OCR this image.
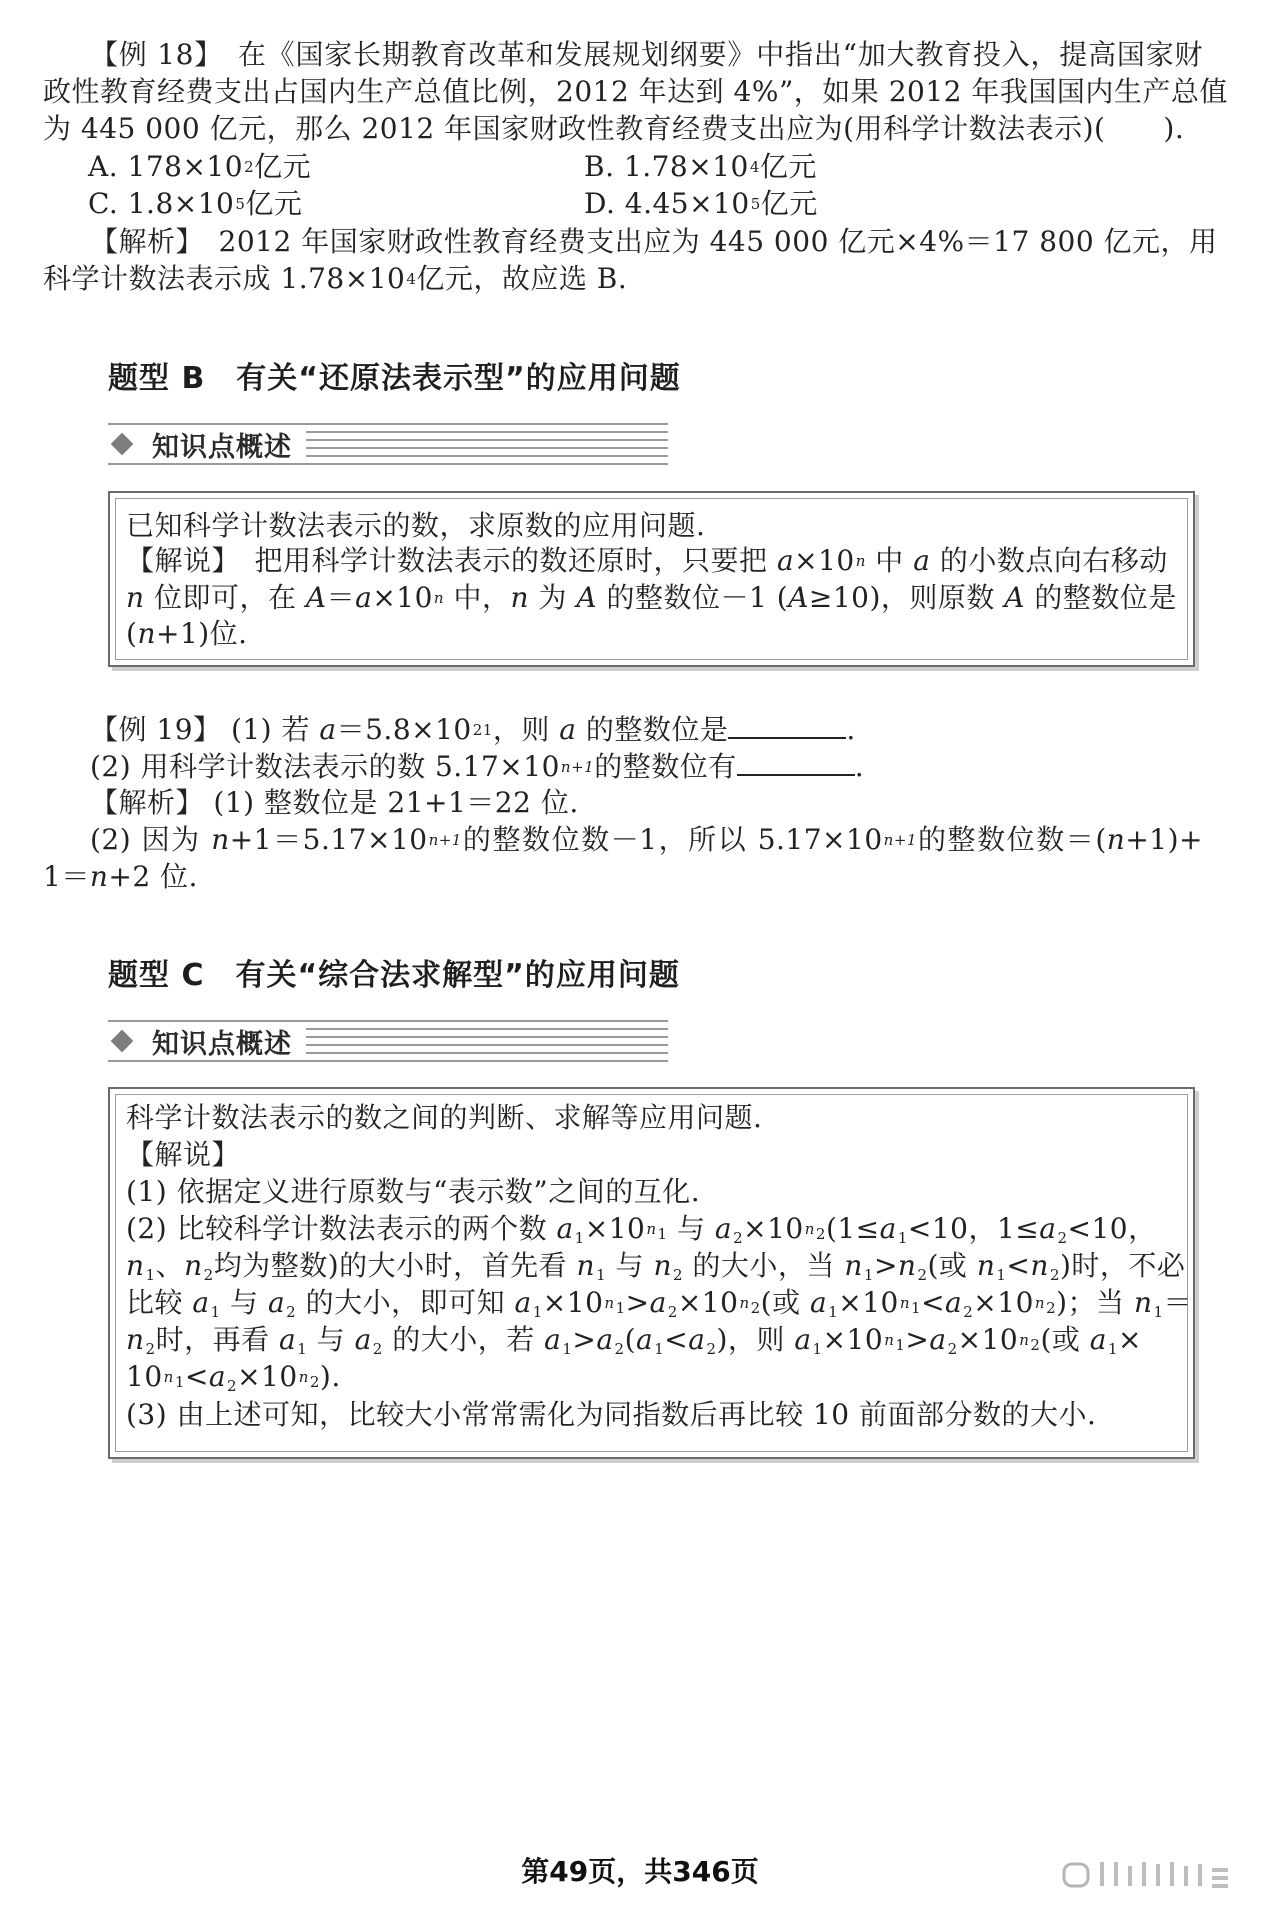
【例 18】　 在《国家长期教育改革和发展规划纲要》中指出“加大教育投入，提高国家财
政性教育经费支出占国内生产总值比例，2012 年达到 4%”，如果 2012 年我国国内生产总值
为 445 000 亿元，那么 2012 年国家财政性教育经费支出应为(用科学计数法表示)( ).
A. $178\times 10^2$亿元	B. $1.78\times 10^4$亿元
C. $1.8\times 10^5$亿元	D. $4.45\times 10^5$亿元
【解析】　 2012 年国家财政性教育经费支出应为 445 000 亿元×4%＝17 800 亿元，用
科学计数法表示成 $1.78\times 10^4$亿元，故应选 B.
题型 B　有关“还原法表示型”的应用问题
知识点概述
已知科学计数法表示的数，求原数的应用问题.
【解说】　 把用科学计数法表示的数还原时，只要把 $a\times 10^n$ 中 a 的小数点向右移动
n 位即可，在 $A=a\times 10^n$ 中，n 为 A 的整数位－1 (A≥10)，则原数 A 的整数位是
(n+1)位.
【例 19】 (1) 若 $a=5.8\times 10^{21}$，则 a 的整数位是	.
(2) 用科学计数法表示的数 $5.17\times 10^{n+1}$的整数位有	.
【解析】 (1) 整数位是 21+1＝22 位.
(2) 因为 $n+1=5.17\times 10^{n+1}$的整数位数－1，所以 $5.17\times 10^{n+1}$的整数位数＝(n+1)+
1＝n+2 位.
题型 C　有关“综合法求解型”的应用问题
知识点概述
科学计数法表示的数之间的判断、求解等应用问题.
【解说】
(1) 依据定义进行原数与“表示数”之间的互化.
(2) 比较科学计数法表示的两个数 $a_1\times 10^{n_1}$ 与 $a_2\times 10^{n_2}(1\le a_1<10$，$1\le a_2<10$，
$n_1$、$n_2$均为整数)的大小时，首先看 $n_1$ 与 $n_2$ 的大小，当 $n_1>n_2$(或 $n_1<n_2$)时，不必
比较 $a_1$ 与 $a_2$ 的大小，即可知 $a_1\times 10^{n_1}>a_2\times 10^{n_2}$(或 $a_1\times 10^{n_1}<a_2\times 10^{n_2}$)；当 $n_1=$
$n_2$时，再看 $a_1$ 与 $a_2$ 的大小，若 $a_1>a_2(a_1<a_2)$，则 $a_1\times 10^{n_1}>a_2\times 10^{n_2}$(或 $a_1\times$
$10^{n_1}<a_2\times 10^{n_2}$).
(3) 由上述可知，比较大小常常需化为同指数后再比较 10 前面部分数的大小.
第49页，共346页
